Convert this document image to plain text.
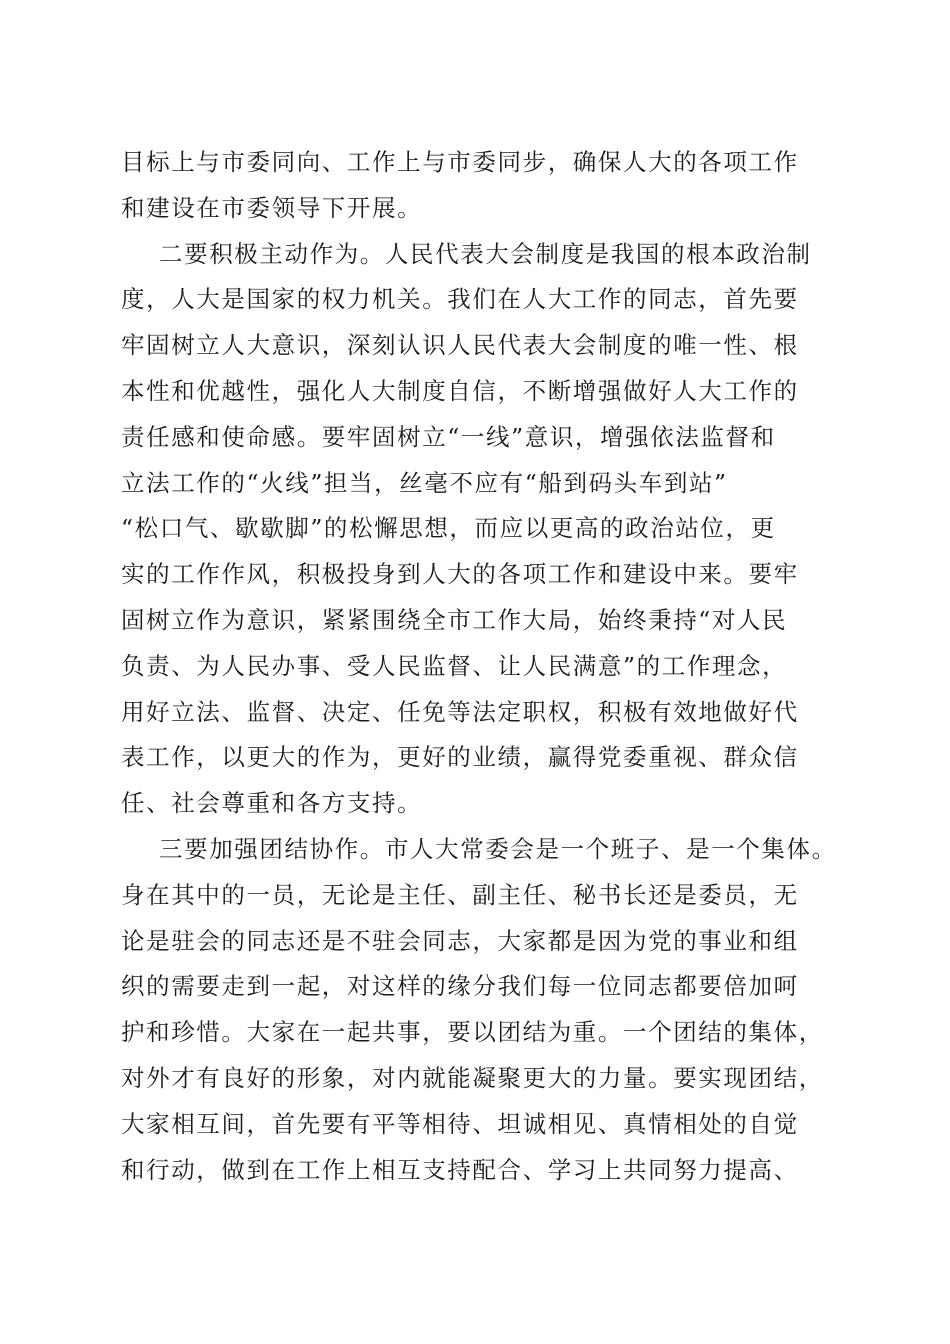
目标上与市委同向、工作上与市委同步，确保人大的各项工作
和建设在市委领导下开展。
二要积极主动作为。人民代表大会制度是我国的根本政治制
度，人大是国家的权力机关。我们在人大工作的同志，首先要
牢固树立人大意识，深刻认识人民代表大会制度的唯一性、根
本性和优越性，强化人大制度自信，不断增强做好人大工作的
责任感和使命感。要牢固树立“一线”意识，增强依法监督和
立法工作的“火线”担当，丝毫不应有“船到码头车到站”
“松口气、歇歇脚”的松懈思想，而应以更高的政治站位，更
实的工作作风，积极投身到人大的各项工作和建设中来。要牢
固树立作为意识，紧紧围绕全市工作大局，始终秉持“对人民
负责、为人民办事、受人民监督、让人民满意”的工作理念，
用好立法、监督、决定、任免等法定职权，积极有效地做好代
表工作，以更大的作为，更好的业绩，赢得党委重视、群众信
任、社会尊重和各方支持。
三要加强团结协作。市人大常委会是一个班子、是一个集体。
身在其中的一员，无论是主任、副主任、秘书长还是委员，无
论是驻会的同志还是不驻会同志，大家都是因为党的事业和组
织的需要走到一起，对这样的缘分我们每一位同志都要倍加呵
护和珍惜。大家在一起共事，要以团结为重。一个团结的集体，
对外才有良好的形象，对内就能凝聚更大的力量。要实现团结，
大家相互间，首先要有平等相待、坦诚相见、真情相处的自觉
和行动，做到在工作上相互支持配合、学习上共同努力提高、
